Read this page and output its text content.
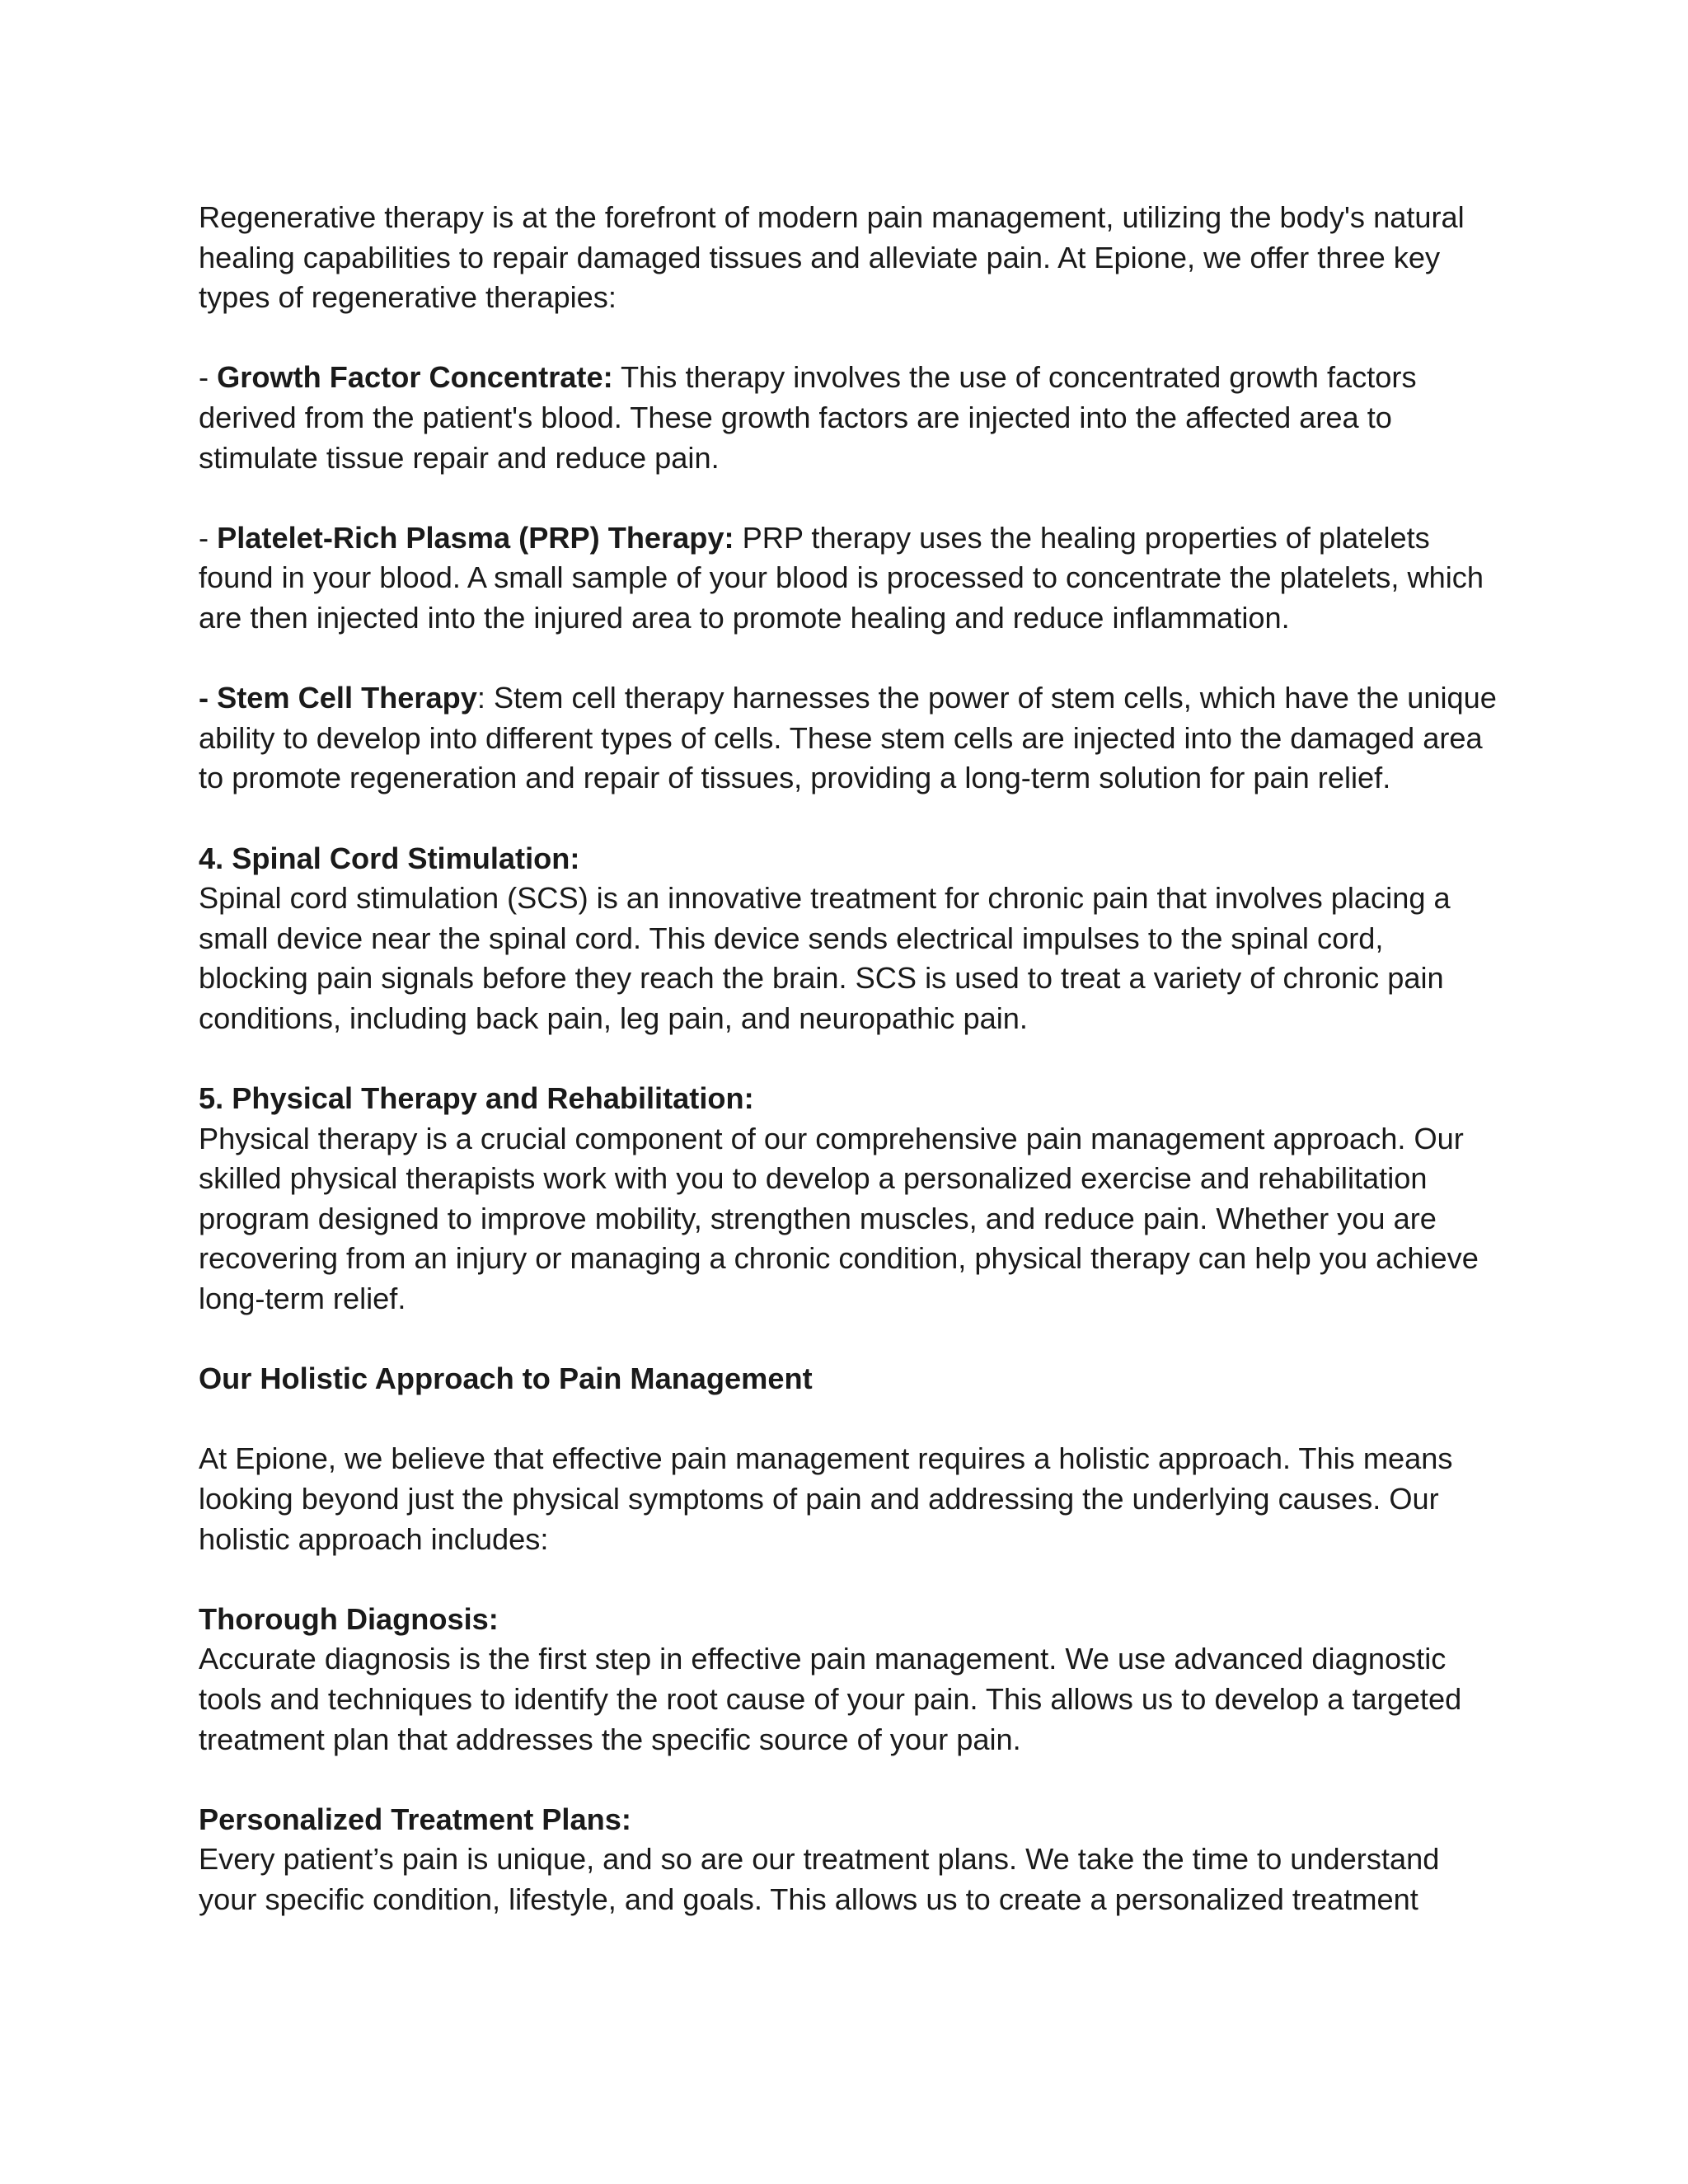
Regenerative therapy is at the forefront of modern pain management, utilizing the body's natural healing capabilities to repair damaged tissues and alleviate pain. At Epione, we offer three key types of regenerative therapies:

- Growth Factor Concentrate: This therapy involves the use of concentrated growth factors derived from the patient's blood. These growth factors are injected into the affected area to stimulate tissue repair and reduce pain.

- Platelet-Rich Plasma (PRP) Therapy: PRP therapy uses the healing properties of platelets found in your blood. A small sample of your blood is processed to concentrate the platelets, which are then injected into the injured area to promote healing and reduce inflammation.

- Stem Cell Therapy: Stem cell therapy harnesses the power of stem cells, which have the unique ability to develop into different types of cells. These stem cells are injected into the damaged area to promote regeneration and repair of tissues, providing a long-term solution for pain relief.

4. Spinal Cord Stimulation:

Spinal cord stimulation (SCS) is an innovative treatment for chronic pain that involves placing a small device near the spinal cord. This device sends electrical impulses to the spinal cord, blocking pain signals before they reach the brain. SCS is used to treat a variety of chronic pain conditions, including back pain, leg pain, and neuropathic pain.

5. Physical Therapy and Rehabilitation:

Physical therapy is a crucial component of our comprehensive pain management approach. Our skilled physical therapists work with you to develop a personalized exercise and rehabilitation program designed to improve mobility, strengthen muscles, and reduce pain. Whether you are recovering from an injury or managing a chronic condition, physical therapy can help you achieve long-term relief.

Our Holistic Approach to Pain Management

At Epione, we believe that effective pain management requires a holistic approach. This means looking beyond just the physical symptoms of pain and addressing the underlying causes. Our holistic approach includes:

Thorough Diagnosis:

Accurate diagnosis is the first step in effective pain management. We use advanced diagnostic tools and techniques to identify the root cause of your pain. This allows us to develop a targeted treatment plan that addresses the specific source of your pain.

Personalized Treatment Plans:

Every patient’s pain is unique, and so are our treatment plans. We take the time to understand your specific condition, lifestyle, and goals. This allows us to create a personalized treatment
